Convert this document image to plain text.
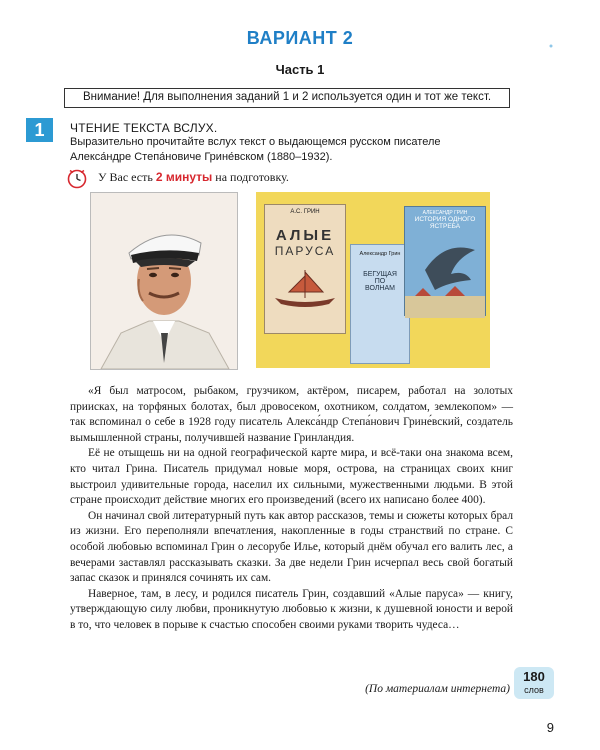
ВАРИАНТ 2
Часть 1
Внимание! Для выполнения заданий 1 и 2 используется один и тот же текст.
1	ЧТЕНИЕ ТЕКСТА ВСЛУХ.
Выразительно прочитайте вслух текст о выдающемся русском писателе
Алекса́ндре Степа́новиче Грине́вском (1880–1932).
У Вас есть 2 минуты на подготовку.
А.С. ГРИН
АЛЫЕ
ПАРУСА	Александр Грин
БЕГУЩАЯ
ПО
ВОЛНАМ
АЛЕКСАНДР ГРИН
ИСТОРИЯ ОДНОГО ЯСТРЕБА

«Я был матросом, рыбаком, грузчиком, актёром, писарем, работал на золотых приисках, на торфяных болотах, был дровосеком, охотником, солдатом, землекопом» — так вспоминал о себе в 1928 году писатель Алекса́ндр Степа́нович Грине́вский, создатель вымышленной страны, получившей название Гринландия.

Её не отыщешь ни на одной географической карте мира, и всё-таки она знакома всем, кто читал Грина. Писатель придумал новые моря, острова, на страницах своих книг выстроил удивительные города, населил их сильными, мужественными людьми. В этой стране происходит действие многих его произведений (всего их написано более 400).

Он начинал свой литературный путь как автор рассказов, темы и сюжеты которых брал из жизни. Его переполняли впечатления, накопленные в годы странствий по стране. С особой любовью вспоминал Грин о лесорубе Илье, который днём обучал его валить лес, а вечерами заставлял рассказывать сказки. За две недели Грин исчерпал весь свой богатый запас сказок и принялся сочинять их сам.

Наверное, там, в лесу, и родился писатель Грин, создавший «Алые паруса» — книгу, утверждающую силу любви, проникнутую любовью к жизни, к душевной юности и верой в то, что человек в порыве к счастью способен своими руками творить чудеса…

180
слов
(По материалам интернета)
9
